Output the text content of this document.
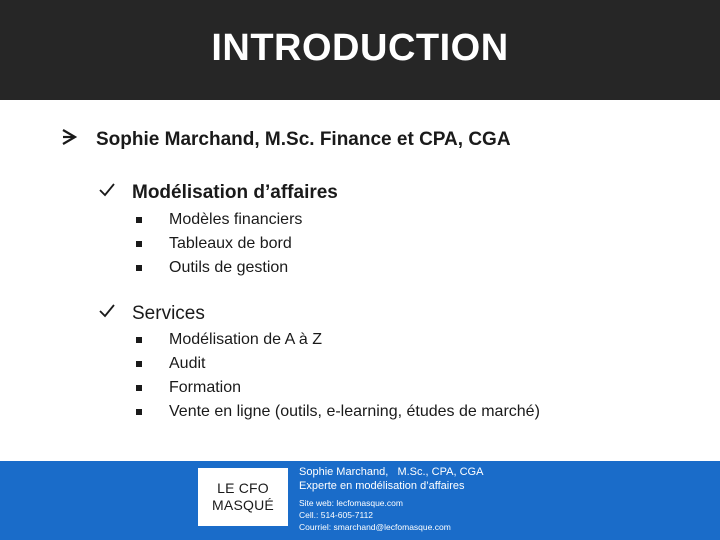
INTRODUCTION
Sophie Marchand, M.Sc. Finance et CPA, CGA
Modélisation d’affaires
Modèles financiers
Tableaux de bord
Outils de gestion
Services
Modélisation de A à Z
Audit
Formation
Vente en ligne (outils, e-learning, études de marché)
LE CFO
MASQUÉ
Sophie Marchand,   M.Sc., CPA, CGA
Experte en modélisation d’affaires
Site web: lecfomasque.com
Cell.: 514-605-7112
Courriel: smarchand@lecfomasque.com
